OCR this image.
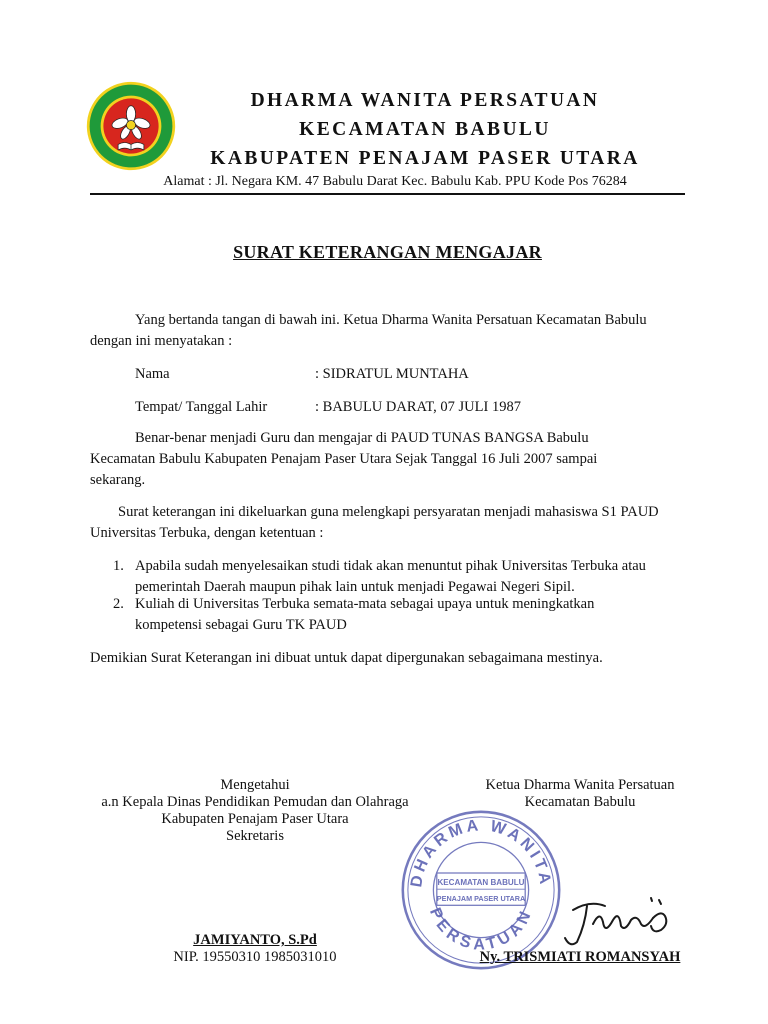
DHARMA WANITA PERSATUAN
KECAMATAN BABULU
KABUPATEN PENAJAM PASER UTARA
Alamat : Jl. Negara KM. 47 Babulu Darat Kec. Babulu Kab. PPU Kode Pos 76284
SURAT KETERANGAN MENGAJAR
Yang bertanda tangan di bawah ini. Ketua Dharma Wanita Persatuan Kecamatan Babulu
dengan ini menyatakan :
Nama	: SIDRATUL MUNTAHA
Tempat/ Tanggal Lahir	: BABULU DARAT, 07 JULI 1987
Benar-benar menjadi Guru dan mengajar di PAUD TUNAS BANGSA Babulu
Kecamatan Babulu Kabupaten Penajam Paser Utara Sejak Tanggal 16 Juli 2007 sampai
sekarang.
Surat keterangan ini dikeluarkan guna melengkapi persyaratan menjadi mahasiswa S1 PAUD
Universitas Terbuka, dengan ketentuan :
1. Apabila sudah menyelesaikan studi tidak akan menuntut pihak Universitas Terbuka atau
pemerintah Daerah maupun pihak lain untuk menjadi Pegawai Negeri Sipil.
2. Kuliah di Universitas Terbuka semata-mata sebagai upaya untuk meningkatkan
kompetensi sebagai Guru TK PAUD
Demikian Surat Keterangan ini dibuat untuk dapat dipergunakan sebagaimana mestinya.
Mengetahui
a.n Kepala Dinas Pendidikan Pemudan dan Olahraga
Kabupaten Penajam Paser Utara
Sekretaris
JAMIYANTO, S.Pd
NIP. 19550310 1985031010
Ketua Dharma Wanita Persatuan
Kecamatan Babulu
DHARMA WANITA
PERSATUAN
KECAMATAN BABULU
PENAJAM PASER UTARA
Ny. TRISMIATI ROMANSYAH
